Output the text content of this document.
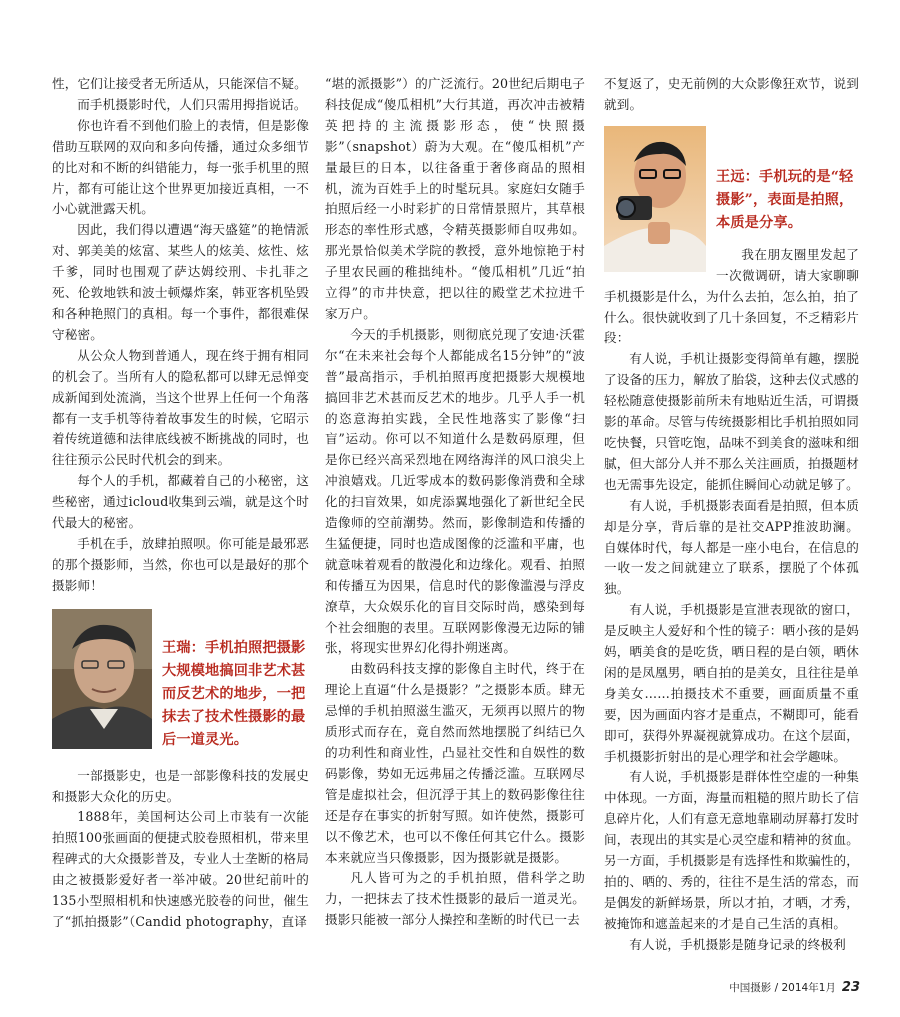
性，它们让接受者无所适从，只能深信不疑。

而手机摄影时代，人们只需用拇指说话。

你也许看不到他们脸上的表情，但是影像借助互联网的双向和多向传播，通过众多细节的比对和不断的纠错能力，每一张手机里的照片，都有可能让这个世界更加接近真相，一不小心就泄露天机。

因此，我们得以遭遇“海天盛筵”的艳情派对、郭美美的炫富、某些人的炫美、炫性、炫千爹，同时也围观了萨达姆绞刑、卡扎菲之死、伦敦地铁和波士顿爆炸案，韩亚客机坠毁和各种艳照门的真相。每一个事件，都很难保守秘密。

从公众人物到普通人，现在终于拥有相同的机会了。当所有人的隐私都可以肆无忌惮变成新闻到处流淌，当这个世界上任何一个角落都有一支手机等待着故事发生的时候，它昭示着传统道德和法律底线被不断挑战的同时，也往往预示公民时代机会的到来。

每个人的手机，都藏着自己的小秘密，这些秘密，通过icloud收集到云端，就是这个时代最大的秘密。

手机在手，放肆拍照呗。你可能是最邪恶的那个摄影师，当然，你也可以是最好的那个摄影师！

王瑞：手机拍照把摄影大规模地搞回非艺术甚而反艺术的地步，一把抹去了技术性摄影的最后一道灵光。

一部摄影史，也是一部影像科技的发展史和摄影大众化的历史。

1888年，美国柯达公司上市装有一次能拍照100张画面的便捷式胶卷照相机，带来里程碑式的大众摄影普及，专业人士垄断的格局由之被摄影爱好者一举冲破。20世纪前叶的135小型照相机和快速感光胶卷的问世，催生了“抓拍摄影”（Candid photography，直译

“堪的派摄影”）的广泛流行。20世纪后期电子科技促成“傻瓜相机”大行其道，再次冲击被精英把持的主流摄影形态，使“快照摄影”（snapshot）蔚为大观。在“傻瓜相机”产量最巨的日本，以往备重于奢侈商品的照相机，流为百姓手上的时髦玩具。家庭妇女随手拍照后经一小时彩扩的日常情景照片，其草根形态的率性形式感，令精英摄影师自叹弗如。那光景恰似美术学院的教授，意外地惊艳于村子里农民画的稚拙纯朴。“傻瓜相机”几近“拍立得”的市井快意，把以往的殿堂艺术拉进千家万户。

今天的手机摄影，则彻底兑现了安迪·沃霍尔“在未来社会每个人都能成名15分钟”的“波普”最高指示，手机拍照再度把摄影大规模地搞回非艺术甚而反艺术的地步。几乎人手一机的恣意海拍实践，全民性地落实了影像“扫盲”运动。你可以不知道什么是数码原理，但是你已经兴高采烈地在网络海洋的风口浪尖上冲浪嬉戏。几近零成本的数码影像消费和全球化的扫盲效果，如虎添翼地强化了新世纪全民造像师的空前潮势。然而，影像制造和传播的生猛便捷，同时也造成图像的泛滥和平庸，也就意味着观看的散漫化和边缘化。观看、拍照和传播互为因果，信息时代的影像滥漫与浮皮潦草，大众娱乐化的盲目交际时尚，感染到每个社会细胞的表里。互联网影像漫无边际的铺张，将现实世界幻化得扑朔迷离。

由数码科技支撑的影像自主时代，终于在理论上直逼“什么是摄影？”之摄影本质。肆无忌惮的手机拍照滋生滥灭，无须再以照片的物质形式而存在，竟自然而然地摆脱了纠结已久的功利性和商业性，凸显社交性和自娱性的数码影像，势如无远弗届之传播泛滥。互联网尽管是虚拟社会，但沉浮于其上的数码影像往往还是存在事实的折射写照。如许使然，摄影可以不像艺术，也可以不像任何其它什么。摄影本来就应当只像摄影，因为摄影就是摄影。

凡人皆可为之的手机拍照，借科学之助力，一把抹去了技术性摄影的最后一道灵光。摄影只能被一部分人操控和垄断的时代已一去

不复返了，史无前例的大众影像狂欢节，说到就到。

王远：手机玩的是“轻摄影”，表面是拍照，本质是分享。

我在朋友圈里发起了一次微调研，请大家聊聊手机摄影是什么，为什么去拍，怎么拍，拍了什么。很快就收到了几十条回复，不乏精彩片段：

有人说，手机让摄影变得简单有趣，摆脱了设备的压力，解放了胎袋，这种去仪式感的轻松随意使摄影前所未有地贴近生活，可谓摄影的革命。尽管与传统摄影相比手机拍照如同吃快餐，只管吃饱，品味不到美食的滋味和细腻，但大部分人并不那么关注画质，拍摄题材也无需事先设定，能抓住瞬间心动就足够了。

有人说，手机摄影表面看是拍照，但本质却是分享，背后靠的是社交APP推波助澜。自媒体时代，每人都是一座小电台，在信息的一收一发之间就建立了联系，摆脱了个体孤独。

有人说，手机摄影是宣泄表现欲的窗口，是反映主人爱好和个性的镜子：晒小孩的是妈妈，晒美食的是吃货，晒日程的是白领，晒休闲的是凤凰男，晒自拍的是美女，且往往是单身美女……拍摄技术不重要，画面质量不重要，因为画面内容才是重点，不糊即可，能看即可，获得外界凝视就算成功。在这个层面，手机摄影折射出的是心理学和社会学趣味。

有人说，手机摄影是群体性空虚的一种集中体现。一方面，海量而粗糙的照片助长了信息碎片化，人们有意无意地靠刷动屏幕打发时间，表现出的其实是心灵空虚和精神的贫血。另一方面，手机摄影是有选择性和欺骗性的，拍的、晒的、秀的，往往不是生活的常态，而是偶发的新鲜场景，所以才拍，才晒，才秀，被掩饰和遮盖起来的才是自己生活的真相。

有人说，手机摄影是随身记录的终极利

中国摄影 / 2014年1月 23
